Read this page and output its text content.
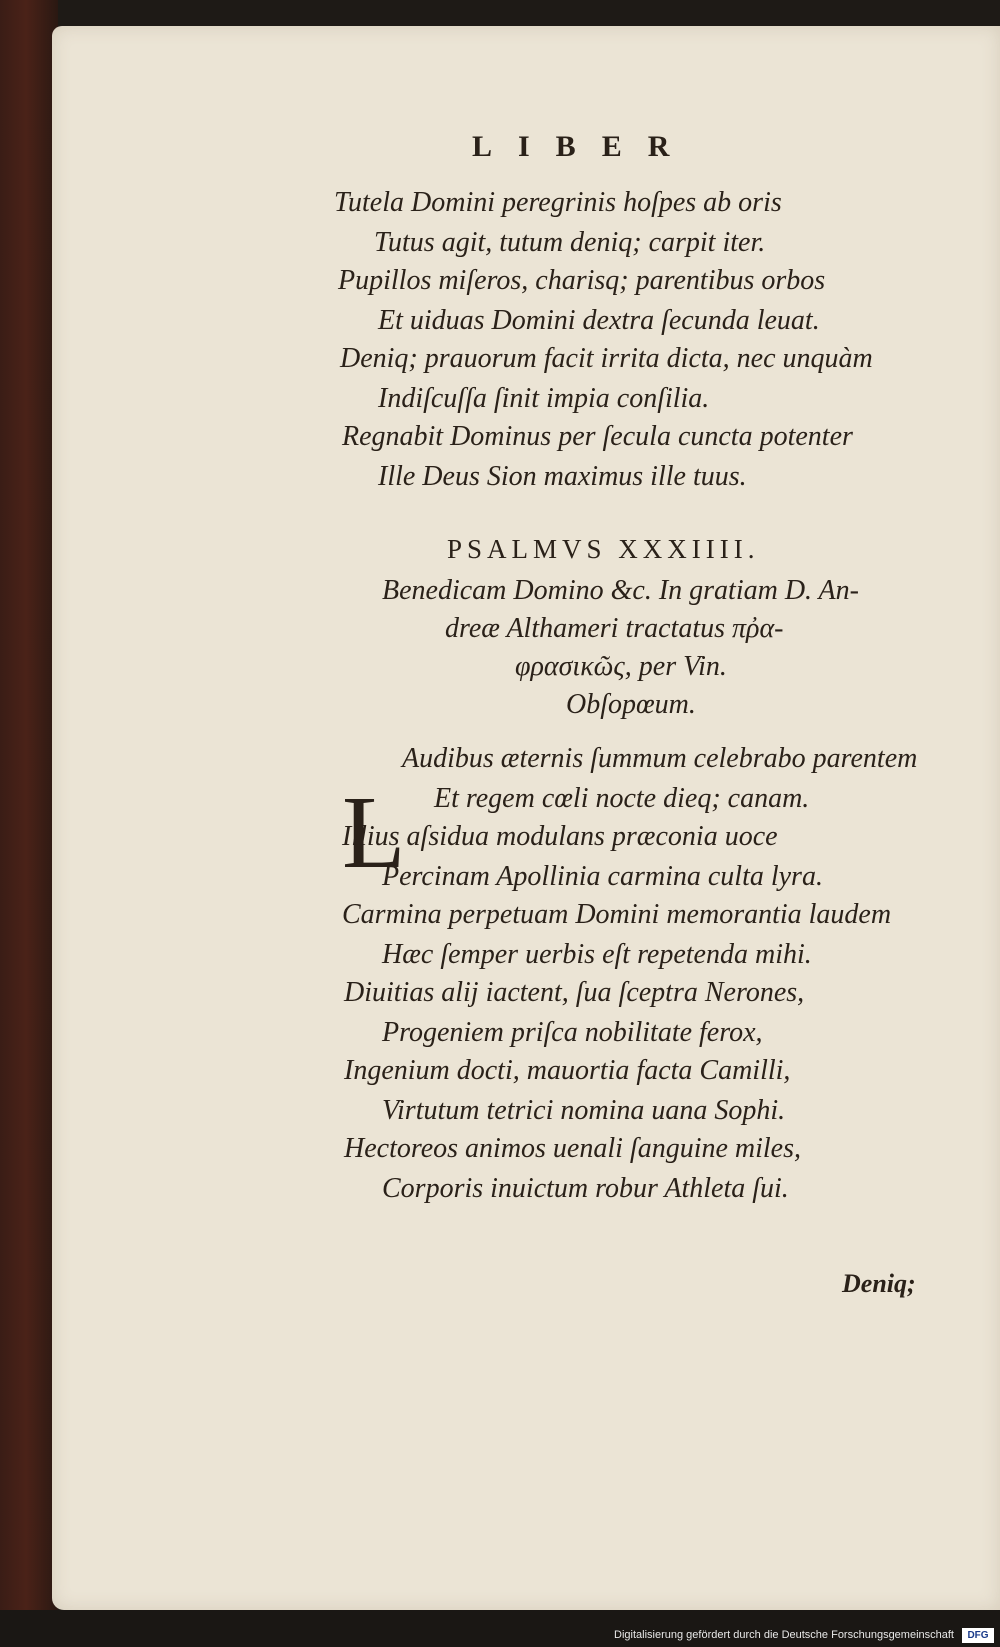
LIBER
Tutela Domini peregrinis hoſpes ab oris
Tutus agit, tutum deniq; carpit iter.
Pupillos miſeros, charisq; parentibus orbos
Et uiduas Domini dextra ſecunda leuat.
Deniq; prauorum facit irrita dicta, nec unquàm
Indiſcuſſa ſinit impia conſilia.
Regnabit Dominus per ſecula cuncta potenter
Ille Deus Sion maximus ille tuus.
PSALMVS XXXIIII.
Benedicam Domino &c. In gratiam D. An-
dreæ Althameri tractatus πῤα-
φρασικῶς, per Vin.
Obſopœum.
L
Audibus æternis ſummum celebrabo parentem
Et regem cœli nocte dieq; canam.
Illius aſsidua modulans præconia uoce
Percinam Apollinia carmina culta lyra.
Carmina perpetuam Domini memorantia laudem
Hæc ſemper uerbis eſt repetenda mihi.
Diuitias alij iactent, ſua ſceptra Nerones,
Progeniem priſca nobilitate ferox,
Ingenium docti, mauortia facta Camilli,
Virtutum tetrici nomina uana Sophi.
Hectoreos animos uenali ſanguine miles,
Corporis inuictum robur Athleta ſui.
Deniq;
Digitalisierung gefördert durch die Deutsche Forschungsgemeinschaft	DFG
